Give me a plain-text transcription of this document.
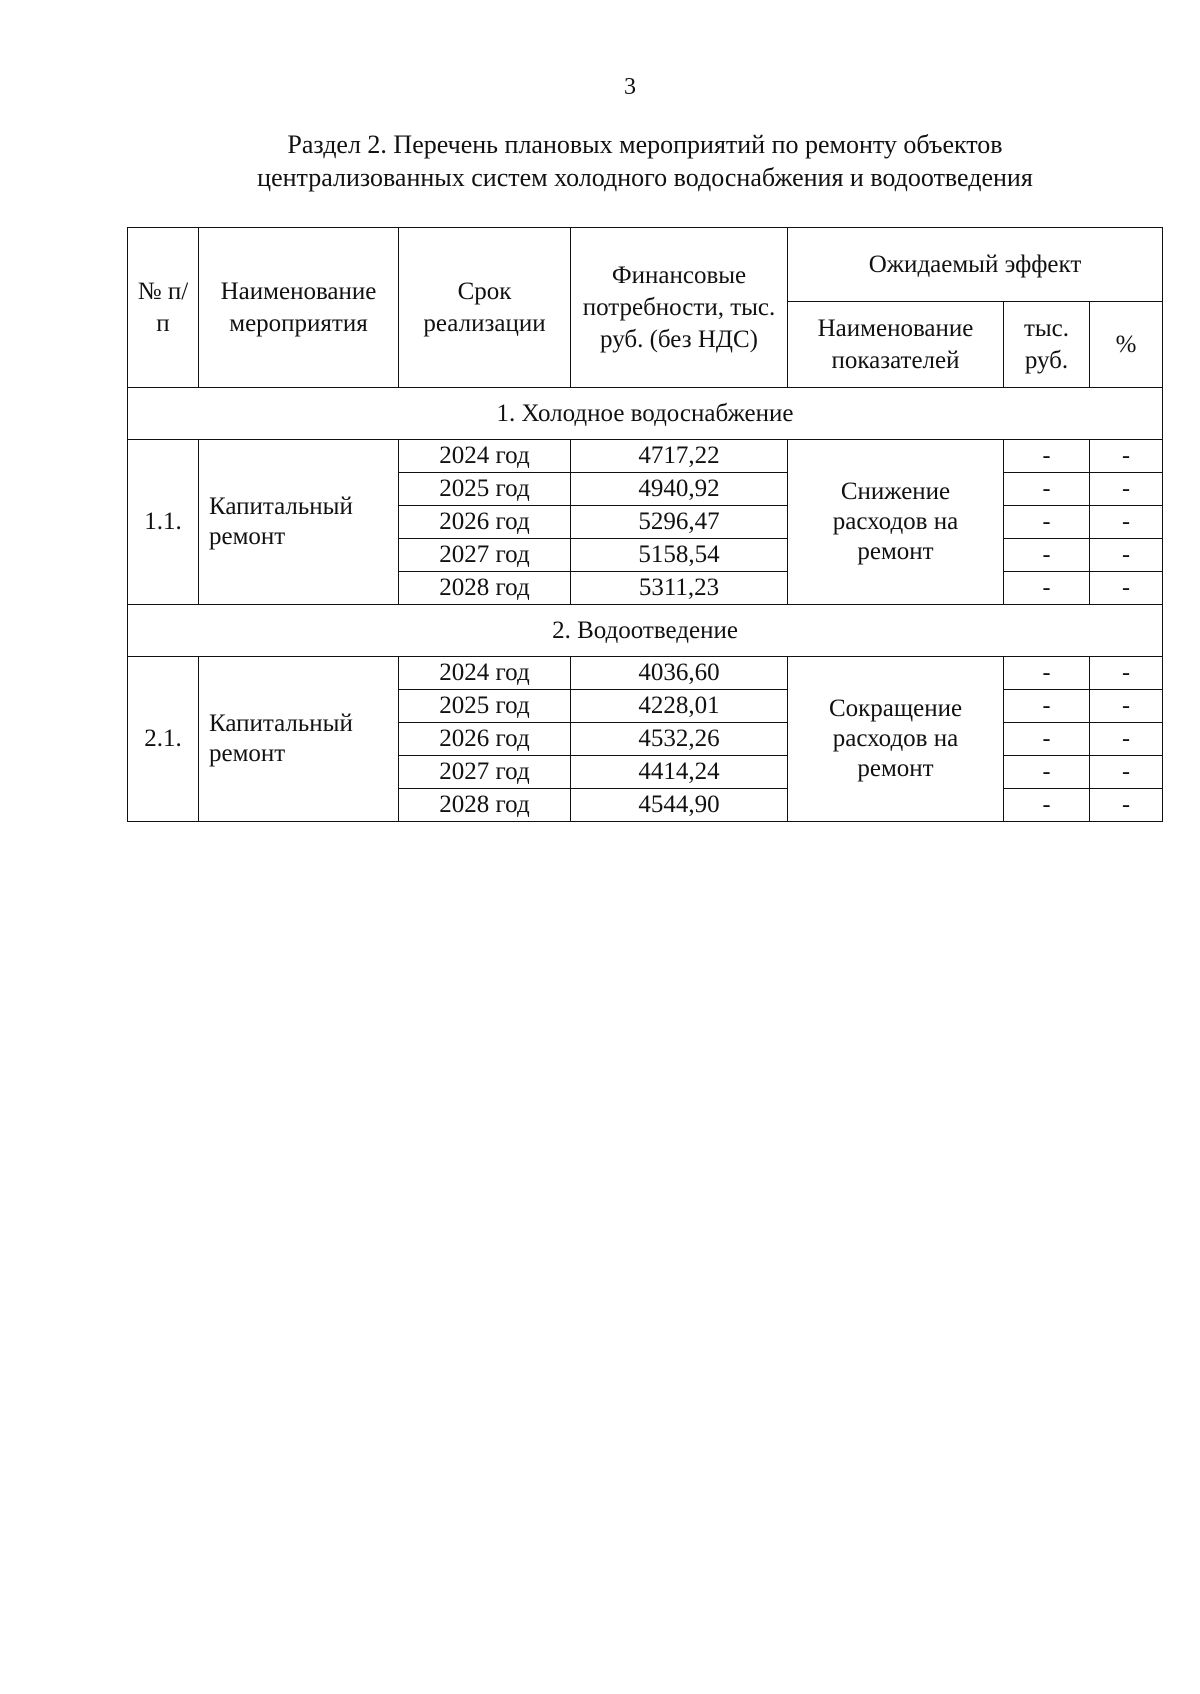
3
Раздел 2. Перечень плановых мероприятий по ремонту объектов
централизованных систем холодного водоснабжения и водоотведения
№ п/п	Наименование мероприятия	Срок реализации	Финансовые потребности, тыс. руб. (без НДС)	Ожидаемый эффект		
				Наименование показателей	тыс. руб.	%
1. Холодное водоснабжение						
1.1.	Капитальный ремонт	2024 год	4717,22	Снижение расходов на ремонт	-	-
		2025 год	4940,92		-	-
		2026 год	5296,47		-	-
		2027 год	5158,54		-	-
		2028 год	5311,23		-	-
2. Водоотведение						
2.1.	Капитальный ремонт	2024 год	4036,60	Сокращение расходов на ремонт	-	-
		2025 год	4228,01		-	-
		2026 год	4532,26		-	-
		2027 год	4414,24		-	-
		2028 год	4544,90		-	-
